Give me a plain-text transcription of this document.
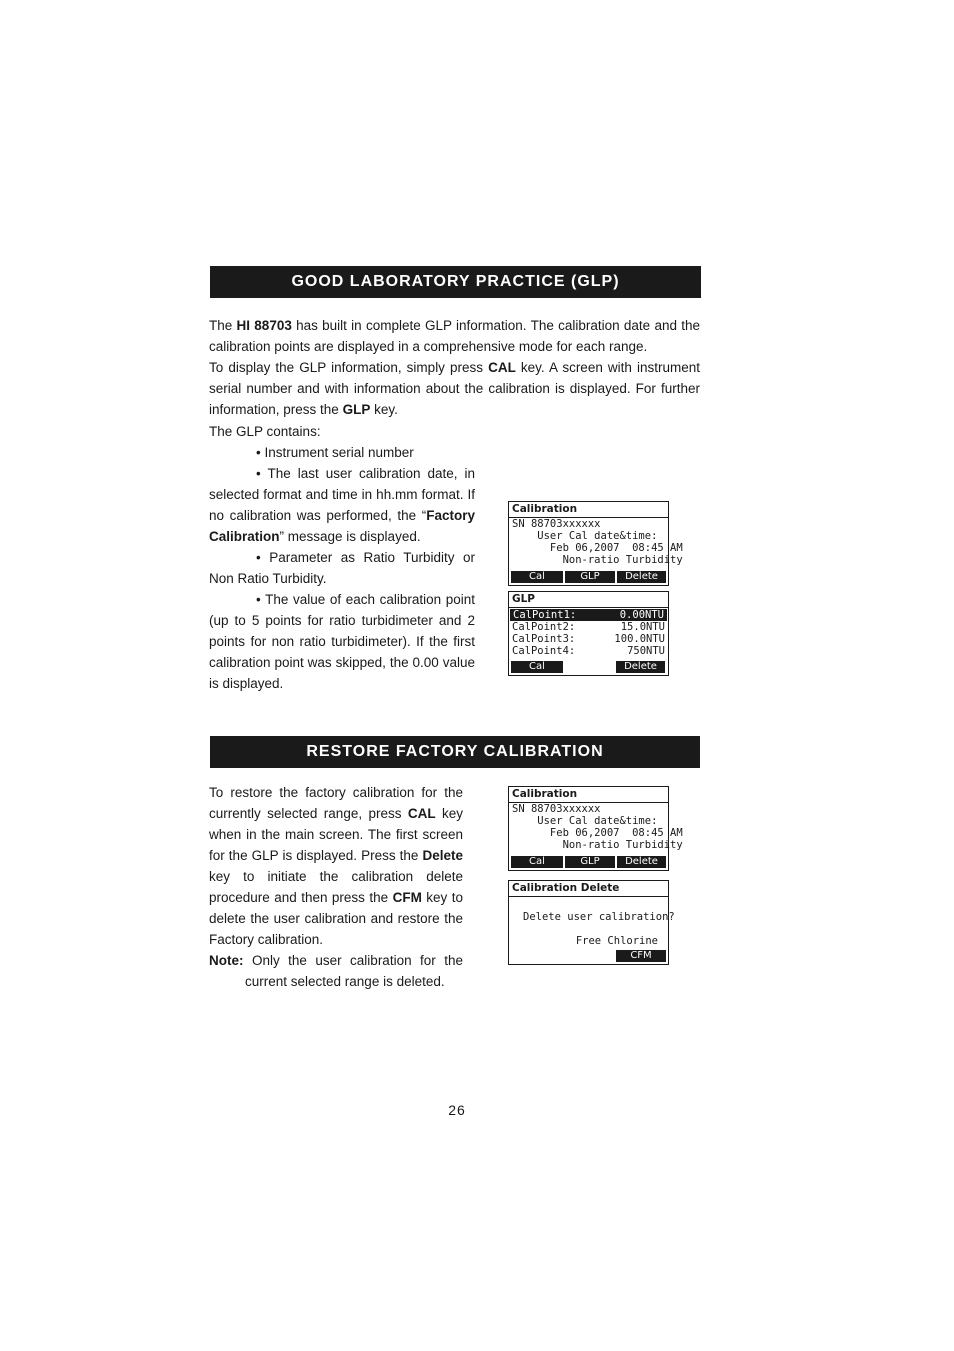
GOOD LABORATORY PRACTICE (GLP)

The HI 88703 has built in complete GLP information. The calibration date and the calibration points are displayed in a comprehensive mode for each range.

To display the GLP information, simply press CAL key. A screen with instrument serial number and with information about the calibration is displayed. For further information, press the GLP key.

The GLP contains:

• Instrument serial number

• The last user calibration date, in selected format and time in hh.mm format. If no calibration was performed, the “Factory Calibration” message is displayed.

• Parameter as Ratio Turbidity or Non Ratio Turbidity.

• The value of each calibration point (up to 5 points for ratio turbidimeter and 2 points for non ratio turbidimeter). If the first calibration point was skipped, the 0.00 value is displayed.

Calibration
SN 88703xxxxxx
User Cal date&time:
Feb 06,2007  08:45 AM
Non-ratio Turbidity
Cal	GLP	Delete
GLP
CalPoint1:	0.00NTU
CalPoint2:	15.0NTU
CalPoint3:	100.0NTU
CalPoint4:	750NTU
Cal	Delete
RESTORE FACTORY CALIBRATION

To restore the factory calibration for the currently selected range, press CAL key when in the main screen. The first screen for the GLP is displayed. Press the Delete key to initiate the calibration delete procedure and then press the CFM key to delete the user calibration and restore the Factory calibration.

Note: Only the user calibration for the current selected range is deleted.

Calibration
SN 88703xxxxxx
User Cal date&time:
Feb 06,2007  08:45 AM
Non-ratio Turbidity
Cal	GLP	Delete
Calibration Delete
Delete user calibration?
Free Chlorine
CFM
26
